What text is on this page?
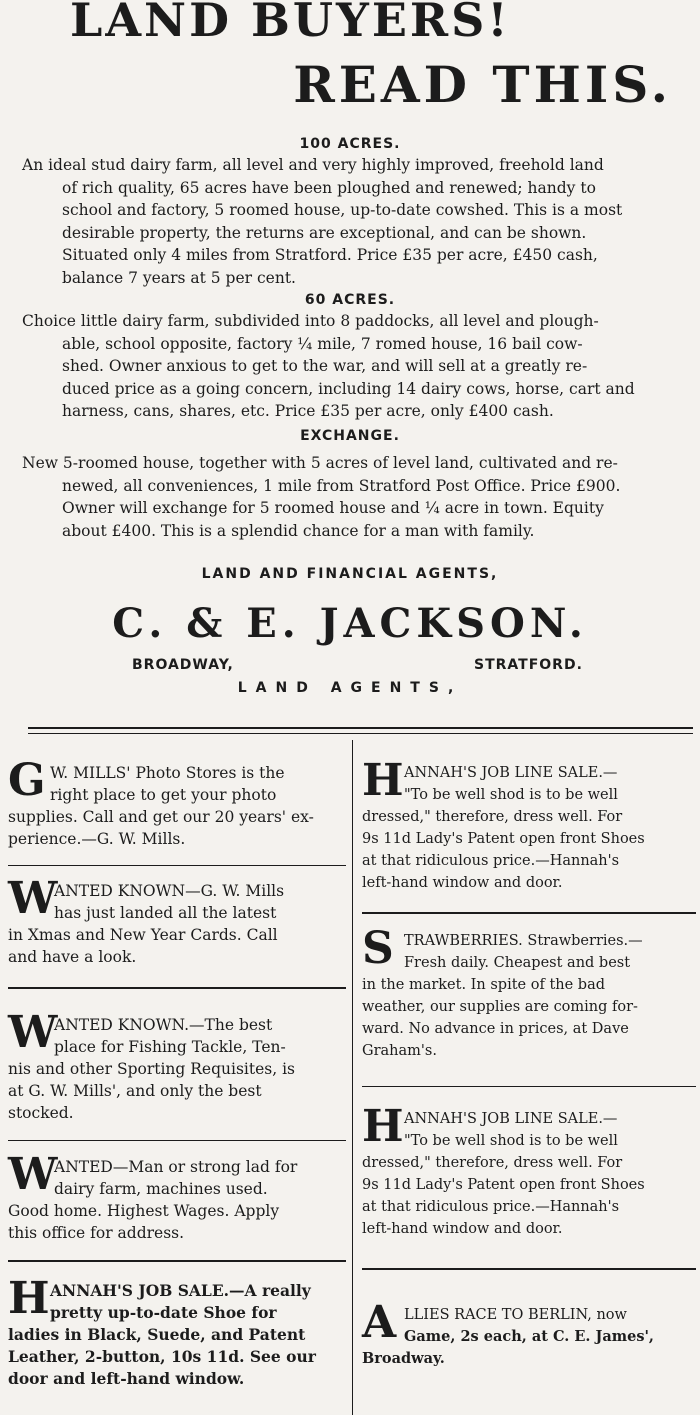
LAND BUYERS!
READ THIS.
100 ACRES.
An ideal stud dairy farm, all level and very highly improved, freehold land
of rich quality, 65 acres have been ploughed and renewed; handy to
school and factory, 5 roomed house, up-to-date cowshed. This is a most
desirable property, the returns are exceptional, and can be shown.
Situated only 4 miles from Stratford. Price £35 per acre, £450 cash,
balance 7 years at 5 per cent.
60 ACRES.
Choice little dairy farm, subdivided into 8 paddocks, all level and plough-
able, school opposite, factory ¼ mile, 7 romed house, 16 bail cow-
shed. Owner anxious to get to the war, and will sell at a greatly re-
duced price as a going concern, including 14 dairy cows, horse, cart and
harness, cans, shares, etc. Price £35 per acre, only £400 cash.
EXCHANGE.
New 5-roomed house, together with 5 acres of level land, cultivated and re-
newed, all conveniences, 1 mile from Stratford Post Office. Price £900.
Owner will exchange for 5 roomed house and ¼ acre in town. Equity
about £400. This is a splendid chance for a man with family.
LAND AND FINANCIAL AGENTS,
C. & E. JACKSON.
BROADWAY,	STRATFORD.
LAND AGENTS,
G W. MILLS' Photo Stores is the
right place to get your photo
supplies. Call and get our 20 years' ex-
perience.—G. W. Mills.
W
ANTED KNOWN—G. W. Mills
has just landed all the latest
in Xmas and New Year Cards. Call
and have a look.
W
ANTED KNOWN.—The best
place for Fishing Tackle, Ten-
nis and other Sporting Requisites, is
at G. W. Mills', and only the best
stocked.
W
ANTED—Man or strong lad for
dairy farm, machines used.
Good home. Highest Wages. Apply
this office for address.
H ANNAH'S JOB SALE.—A really
pretty up-to-date Shoe for
ladies in Black, Suede, and Patent
Leather, 2-button, 10s 11d. See our
door and left-hand window.
H ANNAH'S JOB LINE SALE.—
"To be well shod is to be well
dressed," therefore, dress well. For
9s 11d Lady's Patent open front Shoes
at that ridiculous price.—Hannah's
left-hand window and door.
S TRAWBERRIES. Strawberries.—
Fresh daily. Cheapest and best
in the market. In spite of the bad
weather, our supplies are coming for-
ward. No advance in prices, at Dave
Graham's.
H ANNAH'S JOB LINE SALE.—
"To be well shod is to be well
dressed," therefore, dress well. For
9s 11d Lady's Patent open front Shoes
at that ridiculous price.—Hannah's
left-hand window and door.
A LLIES RACE TO BERLIN, now
Game, 2s each, at C. E. James',
Broadway.
